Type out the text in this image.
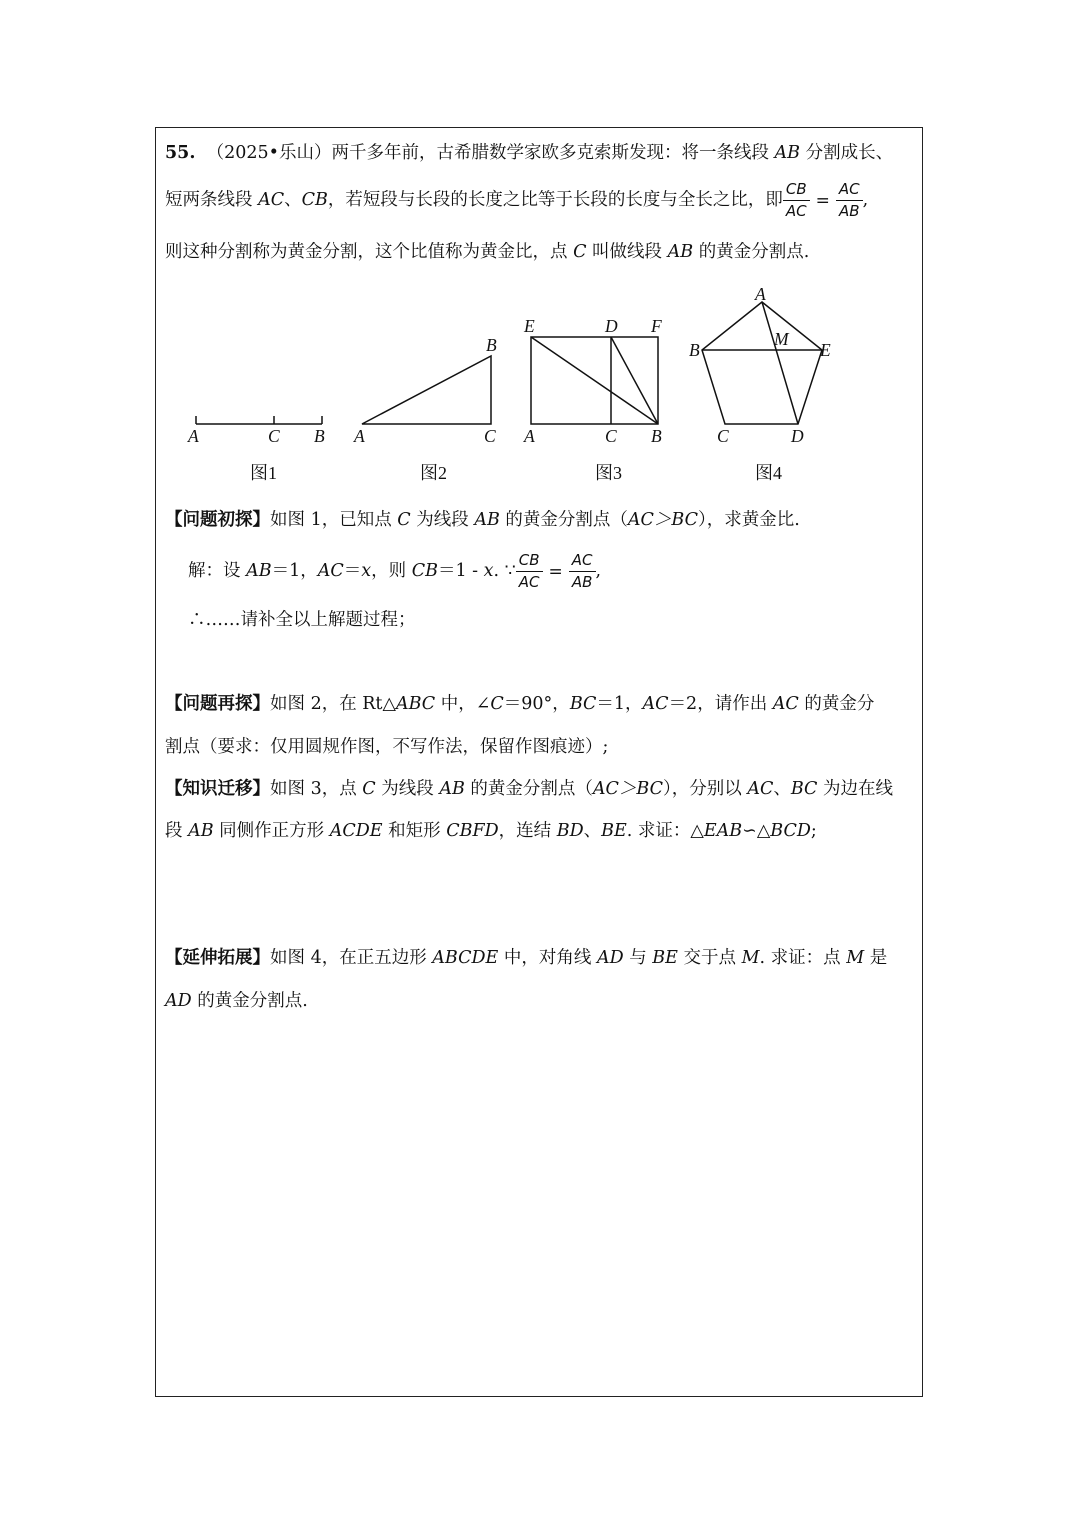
55. （2025•乐山）两千多年前，古希腊数学家欧多克索斯发现：将一条线段 AB 分割成长、
短两条线段 AC、CB，若短段与长段的长度之比等于长段的长度与全长之比，即 $\frac{CB}{AC} = \frac{AC}{AB}$ ,
则这种分割称为黄金分割，这个比值称为黄金比，点 C 叫做线段 AB 的黄金分割点.
A	C B
图1
A	C
B
图2
E	D F
A	C B
图3
A
B
M
E
C	D
图4
【问题初探】如图 1，已知点 C 为线段 AB 的黄金分割点（AC＞BC），求黄金比.
解：设 AB＝1，AC＝x，则 CB＝1 - x. ∵ $\frac{CB}{AC} = \frac{AC}{AB}$ ,
∴……请补全以上解题过程；
【问题再探】如图 2，在 Rt△ABC 中，∠C＝90°，BC＝1，AC＝2，请作出 AC 的黄金分
割点（要求：仅用圆规作图，不写作法，保留作图痕迹）;
【知识迁移】如图 3，点 C 为线段 AB 的黄金分割点（AC＞BC），分别以 AC、BC 为边在线
段 AB 同侧作正方形 ACDE 和矩形 CBFD，连结 BD、BE. 求证：△EAB∽△BCD;
【延伸拓展】如图 4，在正五边形 ABCDE 中，对角线 AD 与 BE 交于点 M. 求证：点 M 是
AD 的黄金分割点.
